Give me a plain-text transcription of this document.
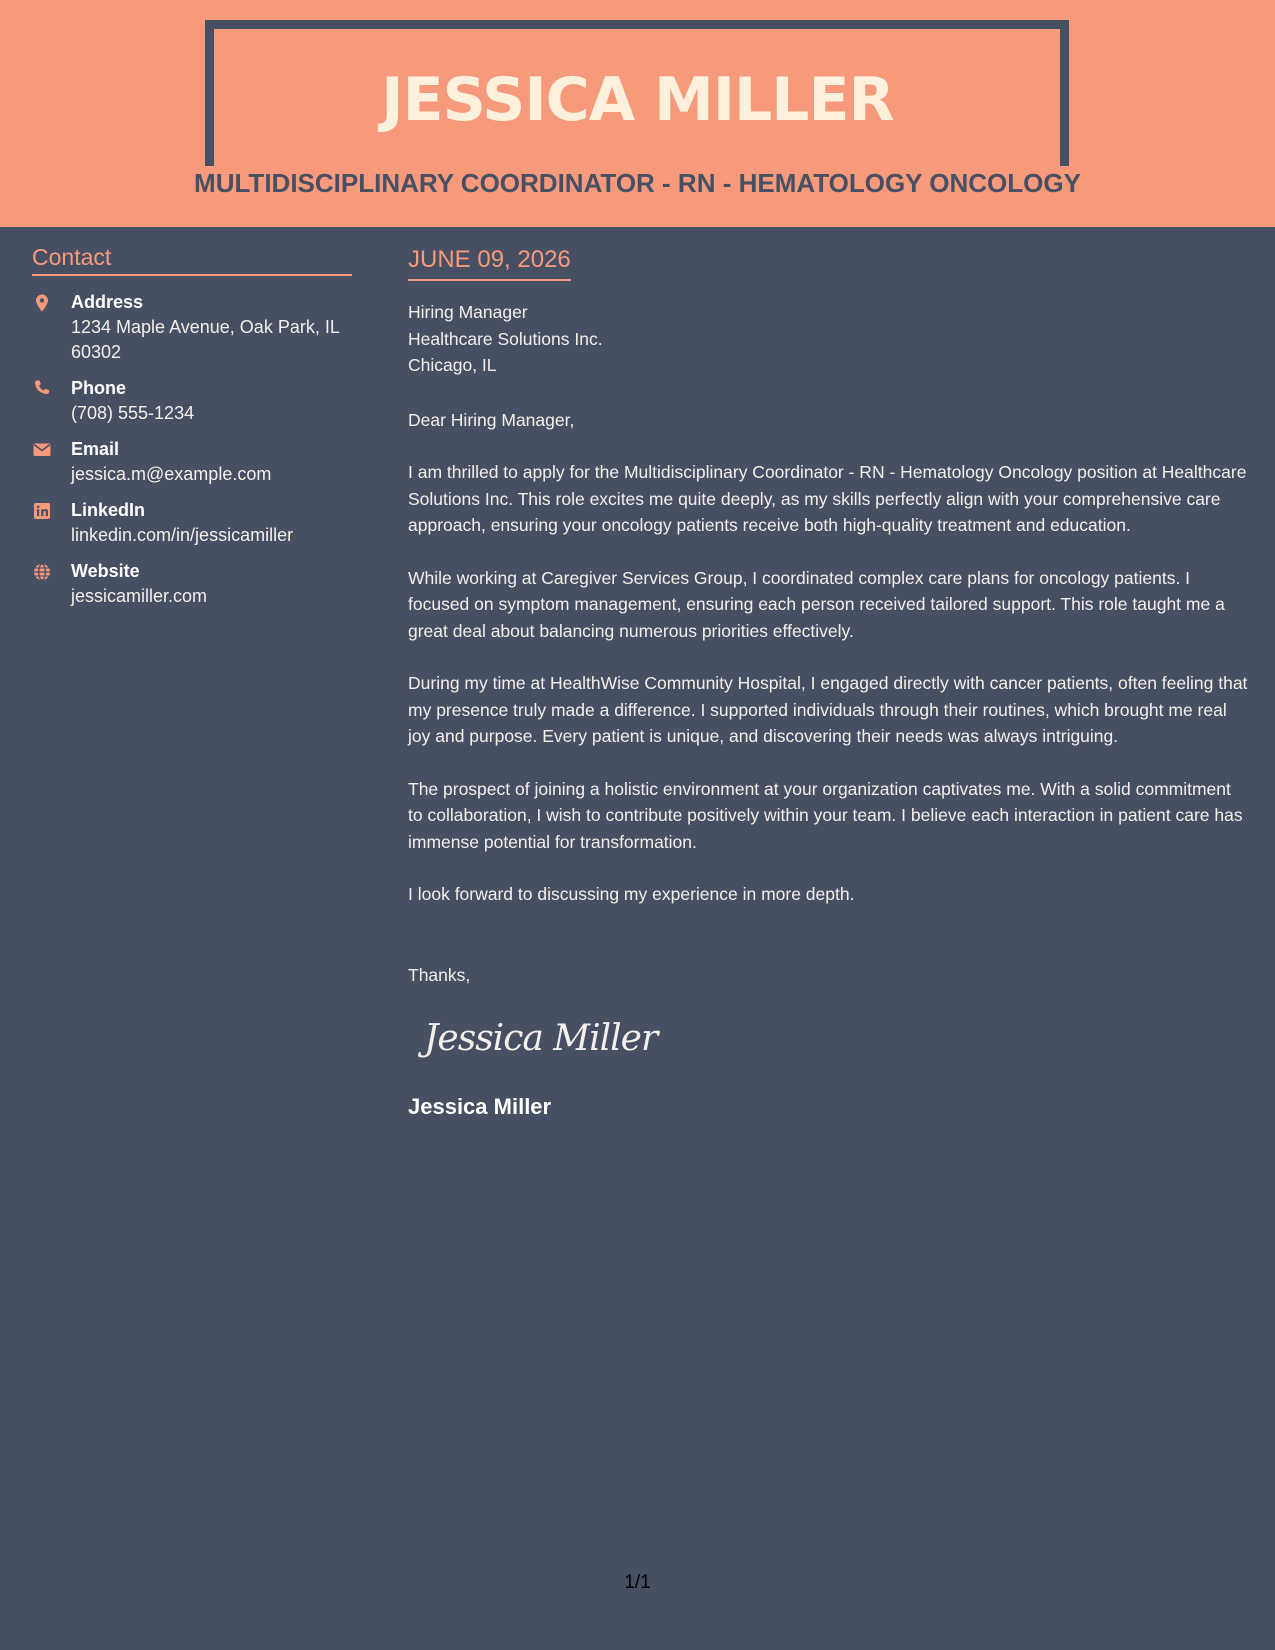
JESSICA MILLER
MULTIDISCIPLINARY COORDINATOR - RN - HEMATOLOGY ONCOLOGY
Contact
Address
1234 Maple Avenue, Oak Park, IL 60302
Phone
(708) 555-1234
Email
jessica.m@example.com
LinkedIn
linkedin.com/in/jessicamiller
Website
jessicamiller.com
JUNE 09, 2026
Hiring Manager
Healthcare Solutions Inc.
Chicago, IL
Dear Hiring Manager,
I am thrilled to apply for the Multidisciplinary Coordinator - RN - Hematology Oncology position at Healthcare Solutions Inc. This role excites me quite deeply, as my skills perfectly align with your comprehensive care approach, ensuring your oncology patients receive both high-quality treatment and education.
While working at Caregiver Services Group, I coordinated complex care plans for oncology patients. I focused on symptom management, ensuring each person received tailored support. This role taught me a great deal about balancing numerous priorities effectively.
During my time at HealthWise Community Hospital, I engaged directly with cancer patients, often feeling that my presence truly made a difference. I supported individuals through their routines, which brought me real joy and purpose. Every patient is unique, and discovering their needs was always intriguing.
The prospect of joining a holistic environment at your organization captivates me. With a solid commitment to collaboration, I wish to contribute positively within your team. I believe each interaction in patient care has immense potential for transformation.
I look forward to discussing my experience in more depth.
Thanks,
Jessica Miller
Jessica Miller
1/1
